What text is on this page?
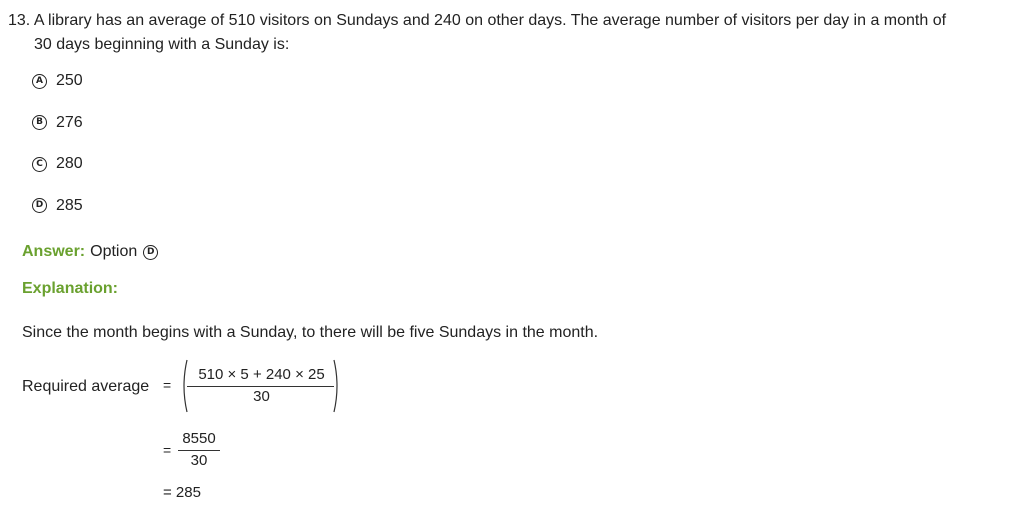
13. A library has an average of 510 visitors on Sundays and 240 on other days. The average number of visitors per day in a month of
30 days beginning with a Sunday is:
A 250
B 276
C 280
D 285
Answer: Option	D
Explanation:
Since the month begins with a Sunday, to there will be five Sundays in the month.
Required average =
510 × 5 + 240 × 25
30
=
8550
30
= 285
